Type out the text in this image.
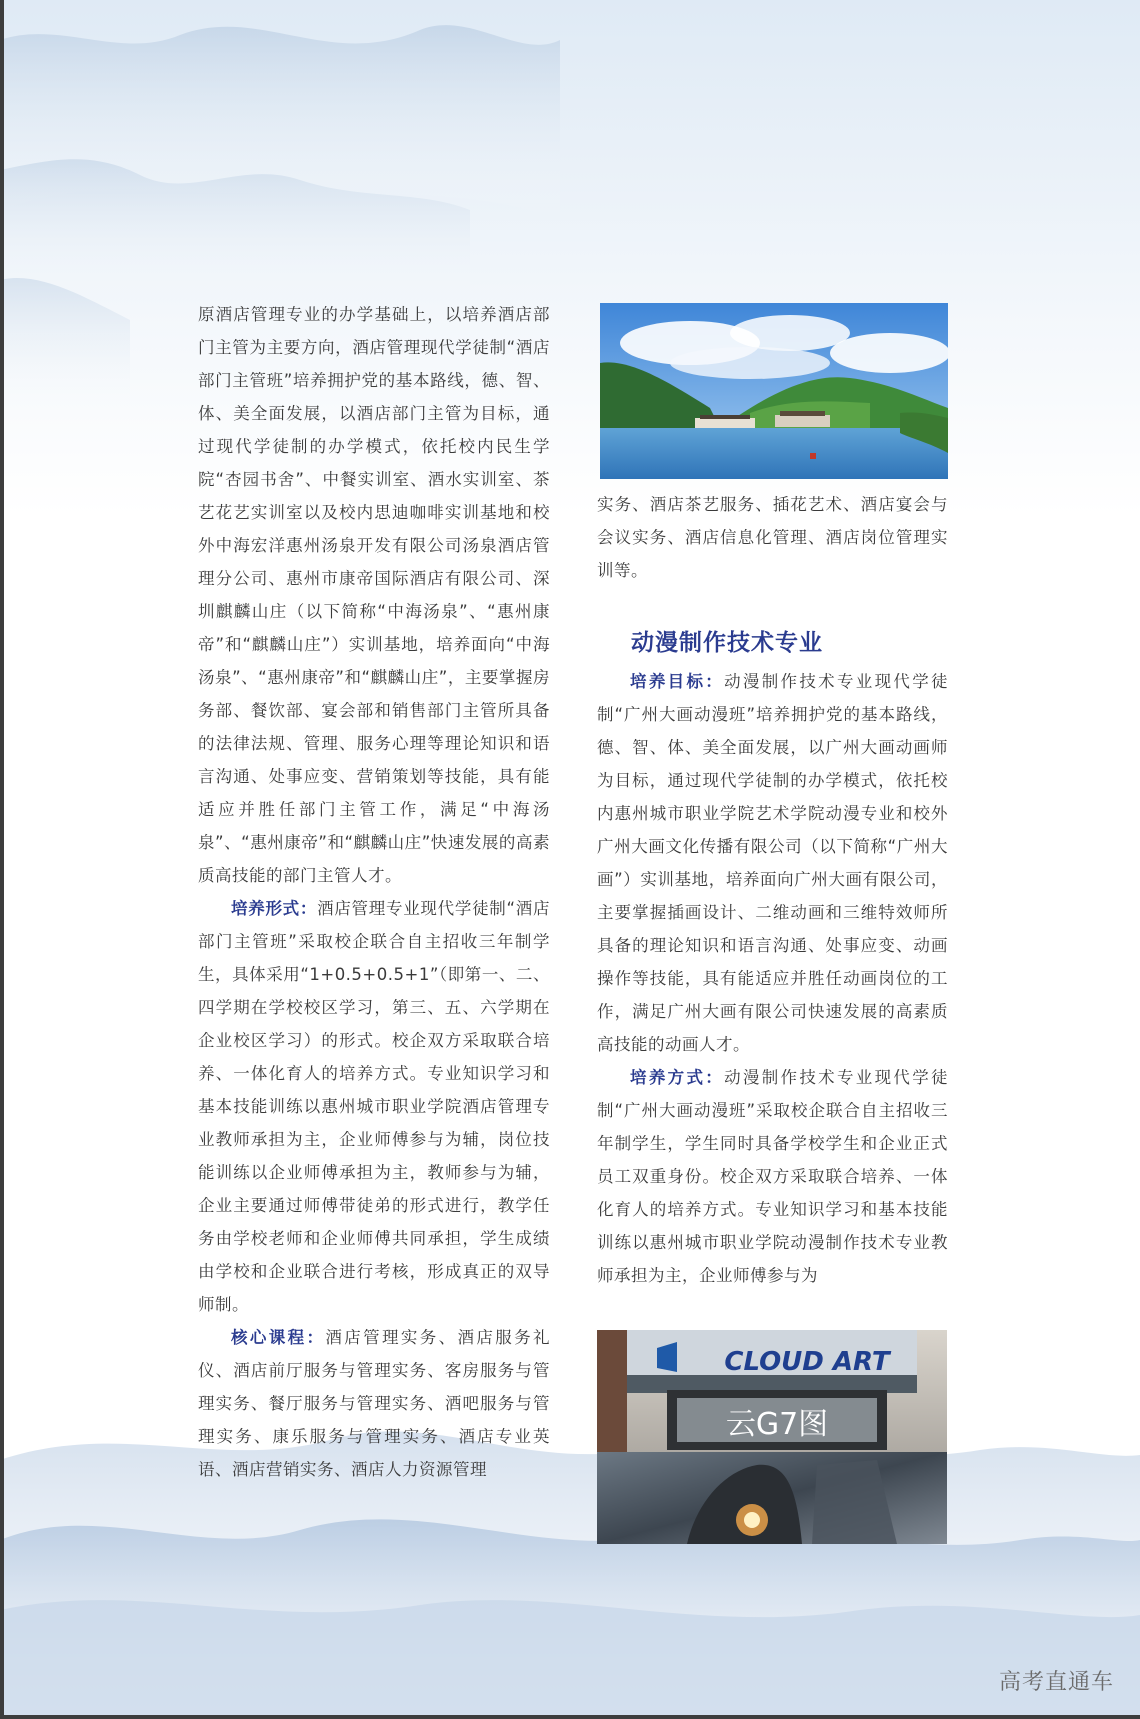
原酒店管理专业的办学基础上，以培养酒店部门主管为主要方向，酒店管理现代学徒制“酒店部门主管班”培养拥护党的基本路线，德、智、体、美全面发展，以酒店部门主管为目标，通过现代学徒制的办学模式，依托校内民生学院“杏园书舍”、中餐实训室、酒水实训室、茶艺花艺实训室以及校内思迪咖啡实训基地和校外中海宏洋惠州汤泉开发有限公司汤泉酒店管理分公司、惠州市康帝国际酒店有限公司、深圳麒麟山庄（以下简称“中海汤泉”、“惠州康帝”和“麒麟山庄”）实训基地，培养面向“中海汤泉”、“惠州康帝”和“麒麟山庄”，主要掌握房务部、餐饮部、宴会部和销售部门主管所具备的法律法规、管理、服务心理等理论知识和语言沟通、处事应变、营销策划等技能，具有能适应并胜任部门主管工作，满足“中海汤泉”、“惠州康帝”和“麒麟山庄”快速发展的高素质高技能的部门主管人才。

培养形式：酒店管理专业现代学徒制“酒店部门主管班”采取校企联合自主招收三年制学生，具体采用“1+0.5+0.5+1”（即第一、二、四学期在学校校区学习，第三、五、六学期在企业校区学习）的形式。校企双方采取联合培养、一体化育人的培养方式。专业知识学习和基本技能训练以惠州城市职业学院酒店管理专业教师承担为主，企业师傅参与为辅，岗位技能训练以企业师傅承担为主，教师参与为辅，企业主要通过师傅带徒弟的形式进行，教学任务由学校老师和企业师傅共同承担，学生成绩由学校和企业联合进行考核，形成真正的双导师制。

核心课程：酒店管理实务、酒店服务礼仪、酒店前厅服务与管理实务、客房服务与管理实务、餐厅服务与管理实务、酒吧服务与管理实务、康乐服务与管理实务、酒店专业英语、酒店营销实务、酒店人力资源管理

实务、酒店茶艺服务、插花艺术、酒店宴会与会议实务、酒店信息化管理、酒店岗位管理实训等。

动漫制作技术专业

培养目标：动漫制作技术专业现代学徒制“广州大画动漫班”培养拥护党的基本路线，德、智、体、美全面发展，以广州大画动画师为目标，通过现代学徒制的办学模式，依托校内惠州城市职业学院艺术学院动漫专业和校外广州大画文化传播有限公司（以下简称“广州大画”）实训基地，培养面向广州大画有限公司，主要掌握插画设计、二维动画和三维特效师所具备的理论知识和语言沟通、处事应变、动画操作等技能，具有能适应并胜任动画岗位的工作，满足广州大画有限公司快速发展的高素质高技能的动画人才。

培养方式：动漫制作技术专业现代学徒制“广州大画动漫班”采取校企联合自主招收三年制学生，学生同时具备学校学生和企业正式员工双重身份。校企双方采取联合培养、一体化育人的培养方式。专业知识学习和基本技能训练以惠州城市职业学院动漫制作技术专业教师承担为主，企业师傅参与为

CLOUD ART
云G7图
高考直通车
